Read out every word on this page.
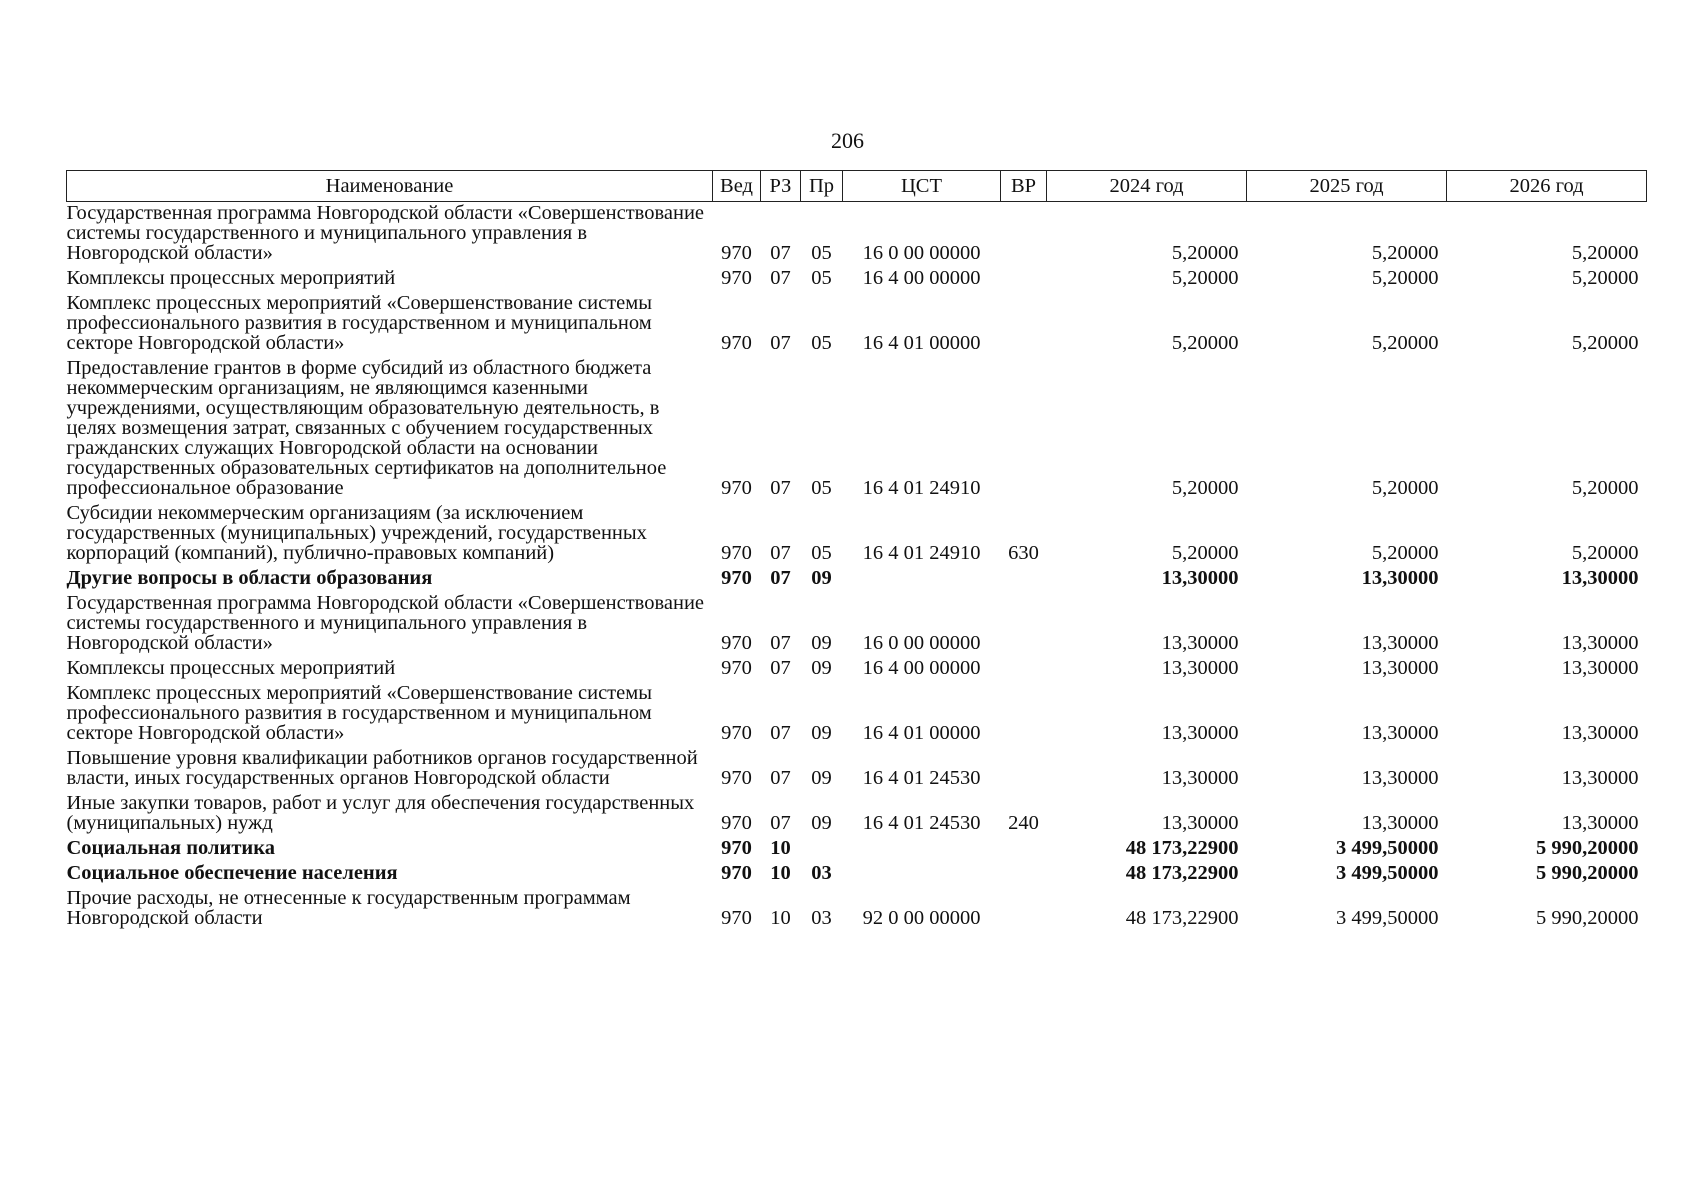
206
Наименование	Вед	РЗ	Пр	ЦСТ	ВР	2024 год	2025 год	2026 год
Государственная программа Новгородской области «Совершенствование системы государственного и муниципального управления в Новгородской области»	970	07	05	16 0 00 00000		5,20000	5,20000	5,20000
Комплексы процессных мероприятий	970	07	05	16 4 00 00000		5,20000	5,20000	5,20000
Комплекс процессных мероприятий «Совершенствование системы профессионального развития в государственном и муниципальном секторе Новгородской области»	970	07	05	16 4 01 00000		5,20000	5,20000	5,20000
Предоставление грантов в форме субсидий из областного бюджета некоммерческим организациям, не являющимся казенными учреждениями, осуществляющим образовательную деятельность, в целях возмещения затрат, связанных с обучением государственных гражданских служащих Новгородской области на основании государственных образовательных сертификатов на дополнительное профессиональное образование	970	07	05	16 4 01 24910		5,20000	5,20000	5,20000
Субсидии некоммерческим организациям (за исключением государственных (муниципальных) учреждений, государственных корпораций (компаний), публично-правовых компаний)	970	07	05	16 4 01 24910	630	5,20000	5,20000	5,20000
Другие вопросы в области образования	970	07	09			13,30000	13,30000	13,30000
Государственная программа Новгородской области «Совершенствование системы государственного и муниципального управления в Новгородской области»	970	07	09	16 0 00 00000		13,30000	13,30000	13,30000
Комплексы процессных мероприятий	970	07	09	16 4 00 00000		13,30000	13,30000	13,30000
Комплекс процессных мероприятий «Совершенствование системы профессионального развития в государственном и муниципальном секторе Новгородской области»	970	07	09	16 4 01 00000		13,30000	13,30000	13,30000
Повышение уровня квалификации работников органов государственной власти, иных государственных органов Новгородской области	970	07	09	16 4 01 24530		13,30000	13,30000	13,30000
Иные закупки товаров, работ и услуг для обеспечения государственных (муниципальных) нужд	970	07	09	16 4 01 24530	240	13,30000	13,30000	13,30000
Социальная политика	970	10				48 173,22900	3 499,50000	5 990,20000
Социальное обеспечение населения	970	10	03			48 173,22900	3 499,50000	5 990,20000
Прочие расходы, не отнесенные к государственным программам Новгородской области	970	10	03	92 0 00 00000		48 173,22900	3 499,50000	5 990,20000
